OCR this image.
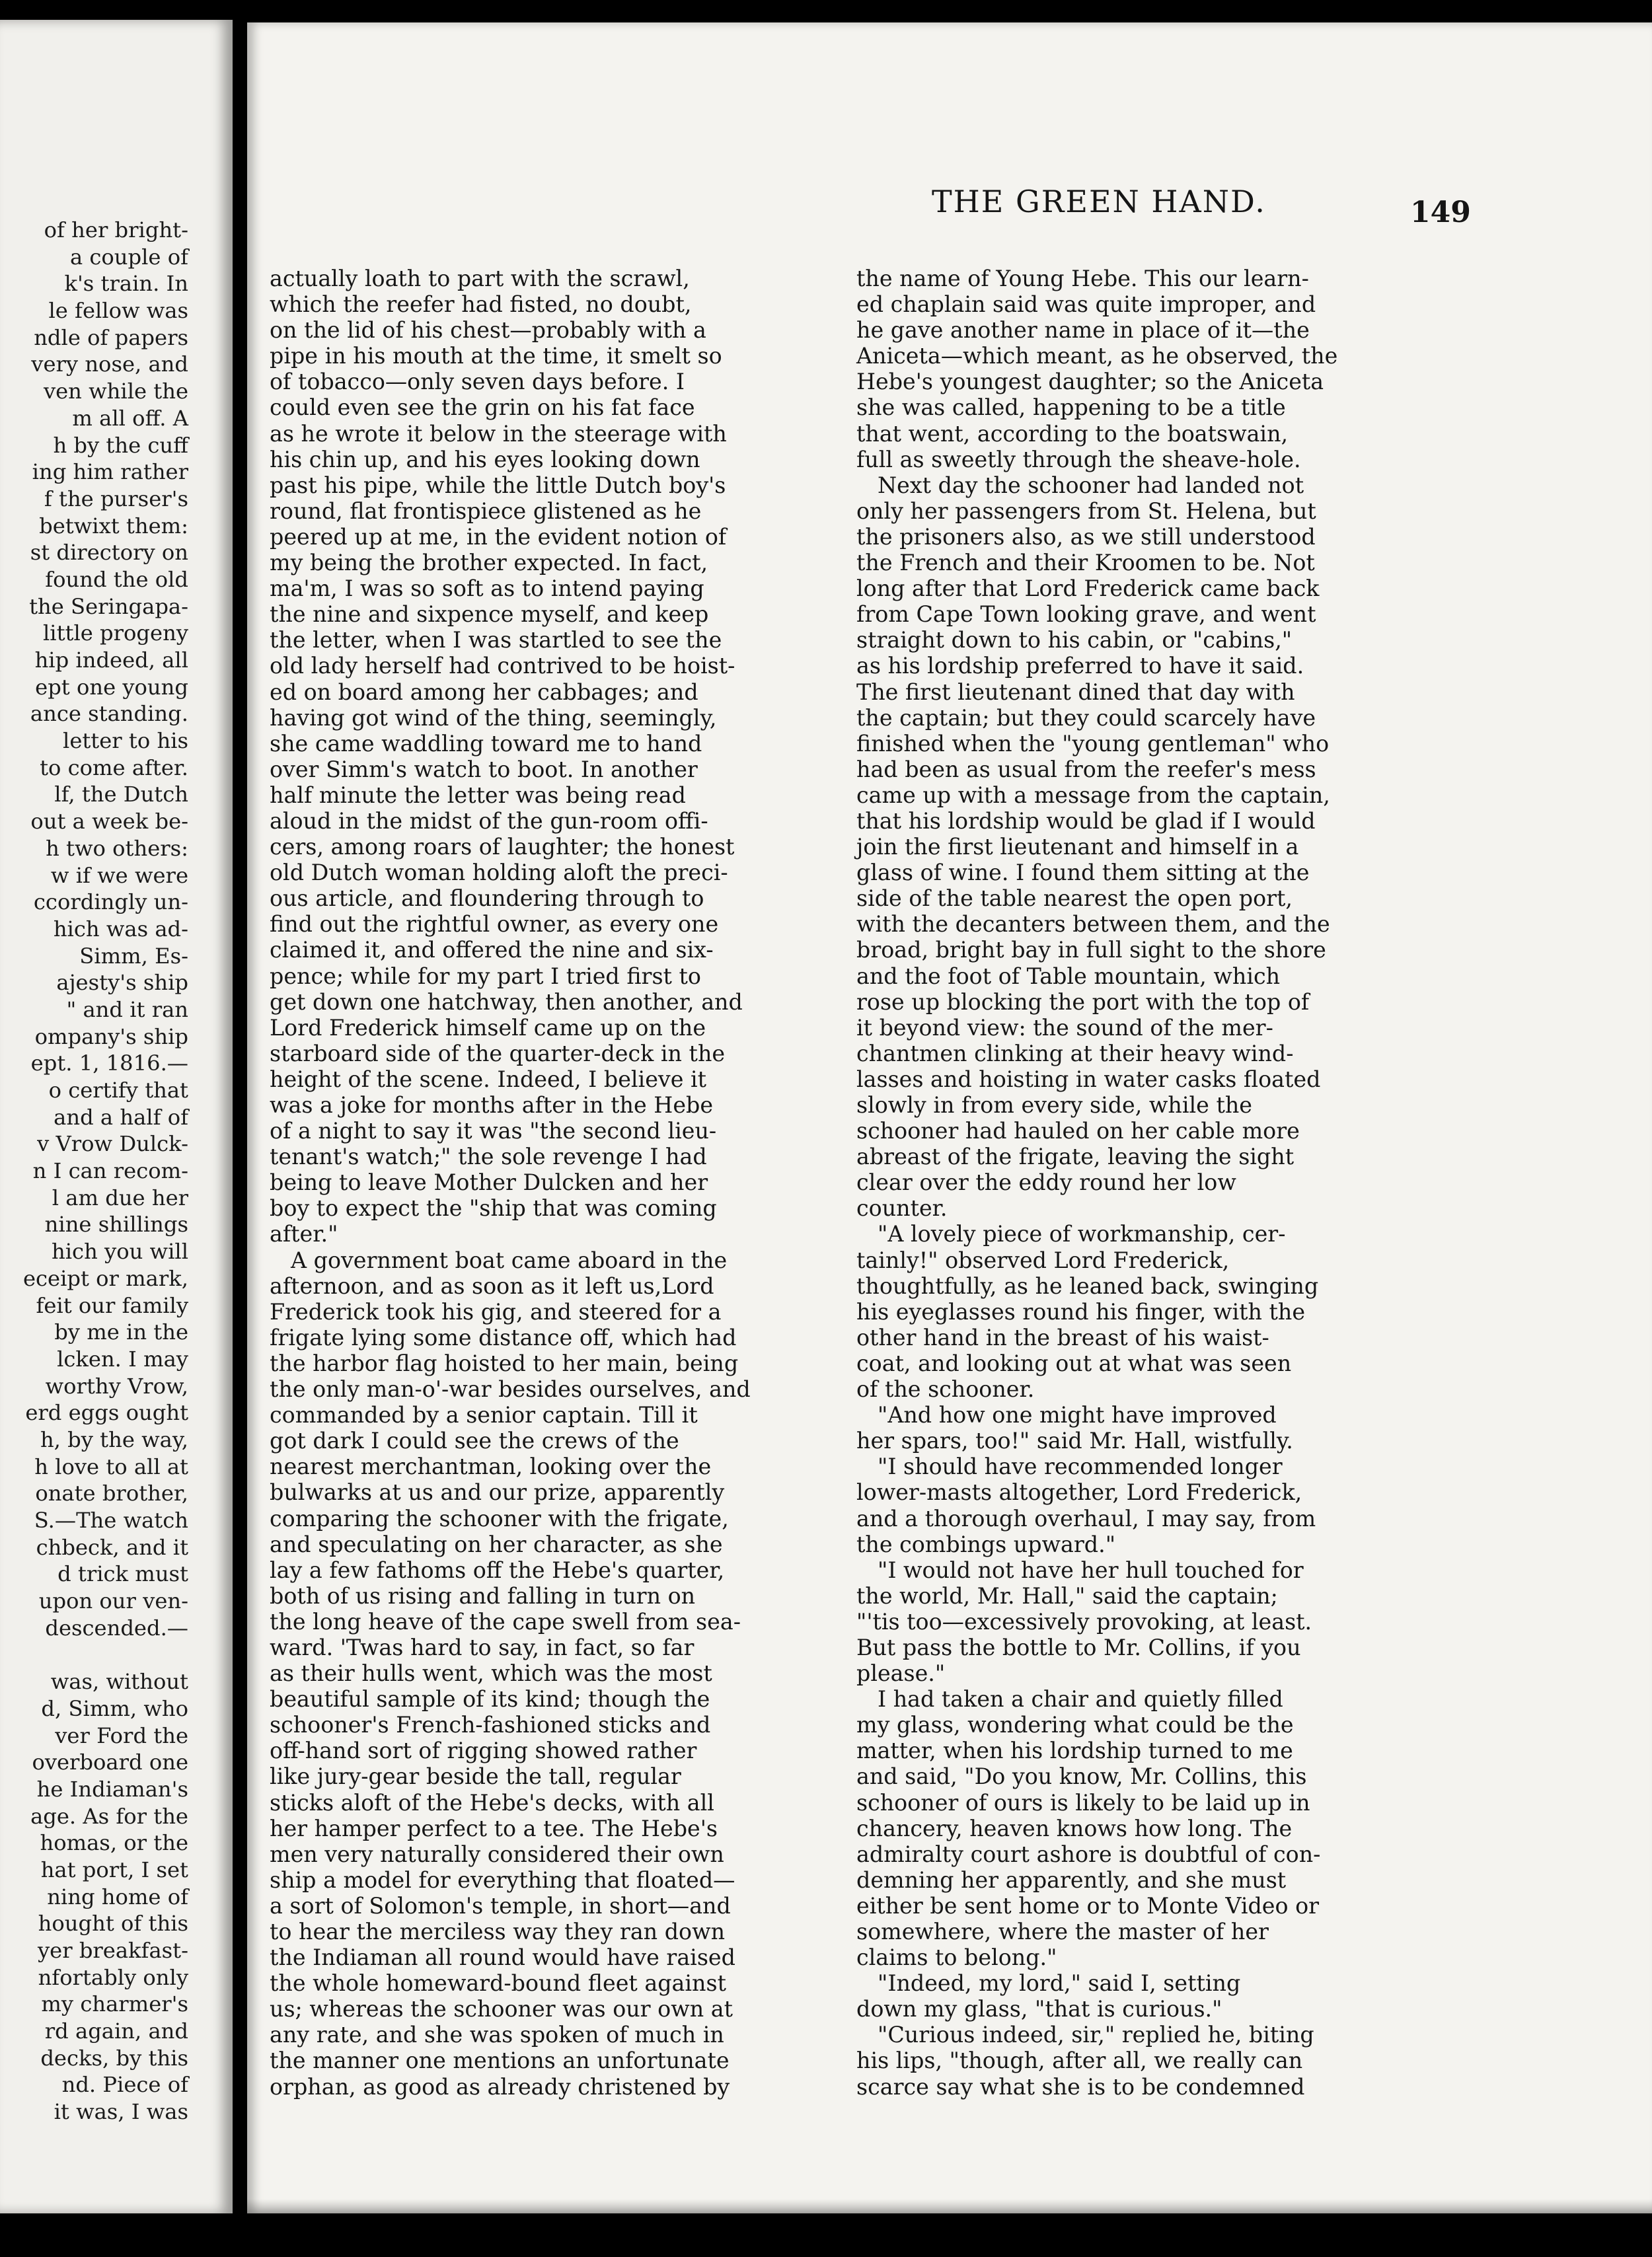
of her bright-
a couple of
k's train. In
le fellow was
ndle of papers
very nose, and
ven while the
m all off. A
h by the cuff
ing him rather
f the purser's
betwixt them:
st directory on
found the old
the Seringapa-
little progeny
hip indeed, all
ept one young
ance standing.
letter to his
to come after.
lf, the Dutch
out a week be-
h two others:
w if we were
ccordingly un-
hich was ad-
Simm, Es-
ajesty's ship
" and it ran
ompany's ship
ept. 1, 1816.—
o certify that
and a half of
v Vrow Dulck-
n I can recom-
l am due her
nine shillings
hich you will
eceipt or mark,
feit our family
by me in the
lcken. I may
worthy Vrow,
erd eggs ought
h, by the way,
h love to all at
onate brother,
S.—The watch
chbeck, and it
d trick must
upon our ven-
descended.—
was, without
d, Simm, who
ver Ford the
overboard one
he Indiaman's
age. As for the
homas, or the
hat port, I set
ning home of
hought of this
yer breakfast-
nfortably only
my charmer's
rd again, and
decks, by this
nd. Piece of
it was, I was
THE GREEN HAND.	149
actually loath to part with the scrawl,
which the reefer had fisted, no doubt,
on the lid of his chest—probably with a
pipe in his mouth at the time, it smelt so
of tobacco—only seven days before. I
could even see the grin on his fat face
as he wrote it below in the steerage with
his chin up, and his eyes looking down
past his pipe, while the little Dutch boy's
round, flat frontispiece glistened as he
peered up at me, in the evident notion of
my being the brother expected. In fact,
ma'm, I was so soft as to intend paying
the nine and sixpence myself, and keep
the letter, when I was startled to see the
old lady herself had contrived to be hoist-
ed on board among her cabbages; and
having got wind of the thing, seemingly,
she came waddling toward me to hand
over Simm's watch to boot. In another
half minute the letter was being read
aloud in the midst of the gun-room offi-
cers, among roars of laughter; the honest
old Dutch woman holding aloft the preci-
ous article, and floundering through to
find out the rightful owner, as every one
claimed it, and offered the nine and six-
pence; while for my part I tried first to
get down one hatchway, then another, and
Lord Frederick himself came up on the
starboard side of the quarter-deck in the
height of the scene. Indeed, I believe it
was a joke for months after in the Hebe
of a night to say it was "the second lieu-
tenant's watch;" the sole revenge I had
being to leave Mother Dulcken and her
boy to expect the "ship that was coming
after."
A government boat came aboard in the
afternoon, and as soon as it left us,Lord
Frederick took his gig, and steered for a
frigate lying some distance off, which had
the harbor flag hoisted to her main, being
the only man-o'-war besides ourselves, and
commanded by a senior captain. Till it
got dark I could see the crews of the
nearest merchantman, looking over the
bulwarks at us and our prize, apparently
comparing the schooner with the frigate,
and speculating on her character, as she
lay a few fathoms off the Hebe's quarter,
both of us rising and falling in turn on
the long heave of the cape swell from sea-
ward. 'Twas hard to say, in fact, so far
as their hulls went, which was the most
beautiful sample of its kind; though the
schooner's French-fashioned sticks and
off-hand sort of rigging showed rather
like jury-gear beside the tall, regular
sticks aloft of the Hebe's decks, with all
her hamper perfect to a tee. The Hebe's
men very naturally considered their own
ship a model for everything that floated—
a sort of Solomon's temple, in short—and
to hear the merciless way they ran down
the Indiaman all round would have raised
the whole homeward-bound fleet against
us; whereas the schooner was our own at
any rate, and she was spoken of much in
the manner one mentions an unfortunate
orphan, as good as already christened by
the name of Young Hebe. This our learn-
ed chaplain said was quite improper, and
he gave another name in place of it—the
Aniceta—which meant, as he observed, the
Hebe's youngest daughter; so the Aniceta
she was called, happening to be a title
that went, according to the boatswain,
full as sweetly through the sheave-hole.
Next day the schooner had landed not
only her passengers from St. Helena, but
the prisoners also, as we still understood
the French and their Kroomen to be. Not
long after that Lord Frederick came back
from Cape Town looking grave, and went
straight down to his cabin, or "cabins,"
as his lordship preferred to have it said.
The first lieutenant dined that day with
the captain; but they could scarcely have
finished when the "young gentleman" who
had been as usual from the reefer's mess
came up with a message from the captain,
that his lordship would be glad if I would
join the first lieutenant and himself in a
glass of wine. I found them sitting at the
side of the table nearest the open port,
with the decanters between them, and the
broad, bright bay in full sight to the shore
and the foot of Table mountain, which
rose up blocking the port with the top of
it beyond view: the sound of the mer-
chantmen clinking at their heavy wind-
lasses and hoisting in water casks floated
slowly in from every side, while the
schooner had hauled on her cable more
abreast of the frigate, leaving the sight
clear over the eddy round her low
counter.
"A lovely piece of workmanship, cer-
tainly!" observed Lord Frederick,
thoughtfully, as he leaned back, swinging
his eyeglasses round his finger, with the
other hand in the breast of his waist-
coat, and looking out at what was seen
of the schooner.
"And how one might have improved
her spars, too!" said Mr. Hall, wistfully.
"I should have recommended longer
lower-masts altogether, Lord Frederick,
and a thorough overhaul, I may say, from
the combings upward."
"I would not have her hull touched for
the world, Mr. Hall," said the captain;
"'tis too—excessively provoking, at least.
But pass the bottle to Mr. Collins, if you
please."
I had taken a chair and quietly filled
my glass, wondering what could be the
matter, when his lordship turned to me
and said, "Do you know, Mr. Collins, this
schooner of ours is likely to be laid up in
chancery, heaven knows how long. The
admiralty court ashore is doubtful of con-
demning her apparently, and she must
either be sent home or to Monte Video or
somewhere, where the master of her
claims to belong."
"Indeed, my lord," said I, setting
down my glass, "that is curious."
"Curious indeed, sir," replied he, biting
his lips, "though, after all, we really can
scarce say what she is to be condemned
